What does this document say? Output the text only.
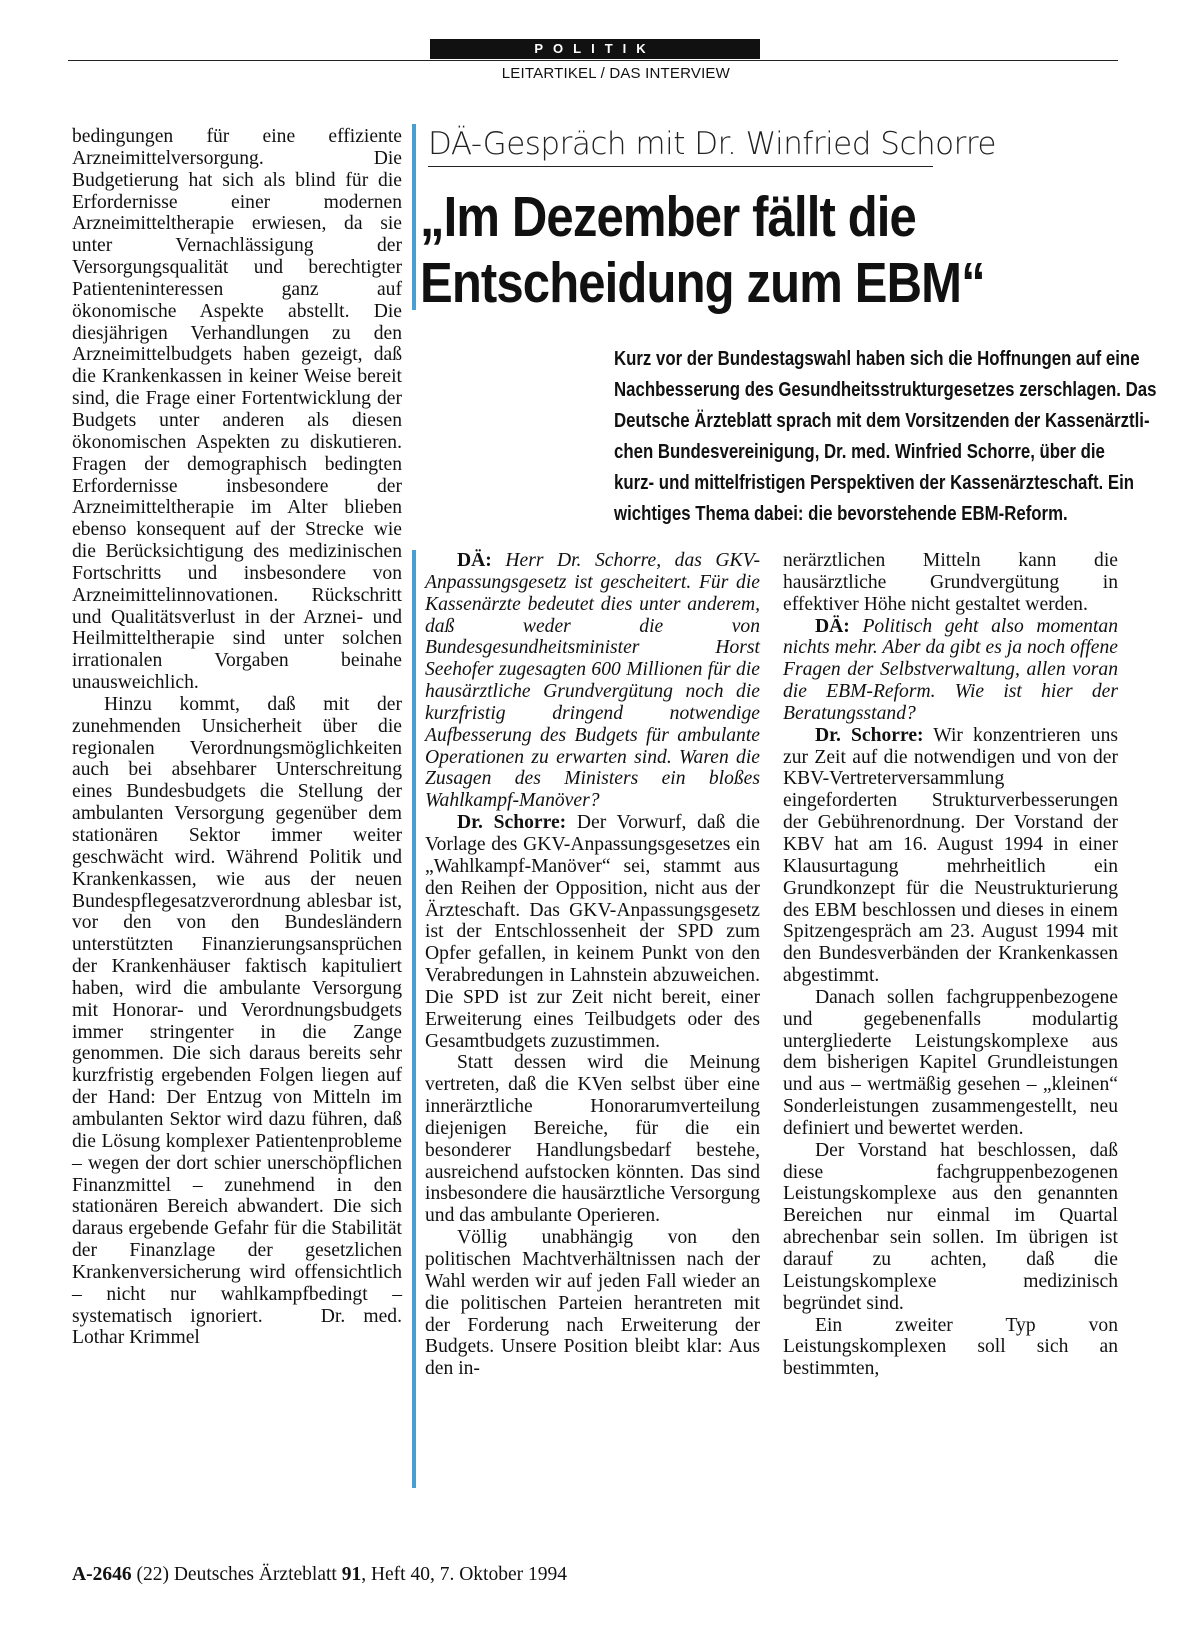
POLITIK
LEITARTIKEL / DAS INTERVIEW

bedingungen für eine effiziente Arzneimittelversorgung. Die Budgetierung hat sich als blind für die Erfordernisse einer modernen Arzneimitteltherapie erwiesen, da sie unter Vernachlässigung der Versorgungsqualität und berechtigter Patienteninteressen ganz auf ökonomische Aspekte abstellt. Die diesjährigen Verhandlungen zu den Arzneimittelbudgets haben gezeigt, daß die Krankenkassen in keiner Weise bereit sind, die Frage einer Fortentwicklung der Budgets unter anderen als diesen ökonomischen Aspekten zu diskutieren. Fragen der demographisch bedingten Erfordernisse insbesondere der Arzneimitteltherapie im Alter blieben ebenso konsequent auf der Strecke wie die Berücksichtigung des medizinischen Fortschritts und insbesondere von Arzneimittelinnovationen. Rückschritt und Qualitätsverlust in der Arznei- und Heilmitteltherapie sind unter solchen irrationalen Vorgaben beinahe unausweichlich.

Hinzu kommt, daß mit der zunehmenden Unsicherheit über die regionalen Verordnungsmöglichkeiten auch bei absehbarer Unterschreitung eines Bundesbudgets die Stellung der ambulanten Versorgung gegenüber dem stationären Sektor immer weiter geschwächt wird. Während Politik und Krankenkassen, wie aus der neuen Bundespflegesatzverordnung ablesbar ist, vor den von den Bundesländern unterstützten Finanzierungsansprüchen der Krankenhäuser faktisch kapituliert haben, wird die ambulante Versorgung mit Honorar- und Verordnungsbudgets immer stringenter in die Zange genommen. Die sich daraus bereits sehr kurzfristig ergebenden Folgen liegen auf der Hand: Der Entzug von Mitteln im ambulanten Sektor wird dazu führen, daß die Lösung komplexer Patientenprobleme – wegen der dort schier unerschöpflichen Finanzmittel – zunehmend in den stationären Bereich abwandert. Die sich daraus ergebende Gefahr für die Stabilität der Finanzlage der gesetzlichen Krankenversicherung wird offensichtlich – nicht nur wahlkampfbedingt – systematisch ignoriert.	Dr. med. Lothar Krimmel

DÄ-Gespräch mit Dr. Winfried Schorre
„Im Dezember fällt die
Entscheidung zum EBM“
Kurz vor der Bundestagswahl haben sich die Hoffnungen auf eine
Nachbesserung des Gesundheitsstrukturgesetzes zerschlagen. Das
Deutsche Ärzteblatt sprach mit dem Vorsitzenden der Kassenärztli-
chen Bundesvereinigung, Dr. med. Winfried Schorre, über die
kurz- und mittelfristigen Perspektiven der Kassenärzteschaft. Ein
wichtiges Thema dabei: die bevorstehende EBM-Reform.

DÄ: Herr Dr. Schorre, das GKV-Anpassungsgesetz ist gescheitert. Für die Kassenärzte bedeutet dies unter anderem, daß weder die von Bundesgesundheitsminister Horst Seehofer zugesagten 600 Millionen für die hausärztliche Grundvergütung noch die kurzfristig dringend notwendige Aufbesserung des Budgets für ambulante Operationen zu erwarten sind. Waren die Zusagen des Ministers ein bloßes Wahlkampf-Manöver?

Dr. Schorre: Der Vorwurf, daß die Vorlage des GKV-Anpassungsgesetzes ein „Wahlkampf-Manöver“ sei, stammt aus den Reihen der Opposition, nicht aus der Ärzteschaft. Das GKV-Anpassungsgesetz ist der Entschlossenheit der SPD zum Opfer gefallen, in keinem Punkt von den Verabredungen in Lahnstein abzuweichen. Die SPD ist zur Zeit nicht bereit, einer Erweiterung eines Teilbudgets oder des Gesamtbudgets zuzustimmen.

Statt dessen wird die Meinung vertreten, daß die KVen selbst über eine innerärztliche Honorarumverteilung diejenigen Bereiche, für die ein besonderer Handlungsbedarf bestehe, ausreichend aufstocken könnten. Das sind insbesondere die hausärztliche Versorgung und das ambulante Operieren.

Völlig unabhängig von den politischen Machtverhältnissen nach der Wahl werden wir auf jeden Fall wieder an die politischen Parteien herantreten mit der Forderung nach Erweiterung der Budgets. Unsere Position bleibt klar: Aus den in-

nerärztlichen Mitteln kann die hausärztliche Grundvergütung in effektiver Höhe nicht gestaltet werden.

DÄ: Politisch geht also momentan nichts mehr. Aber da gibt es ja noch offene Fragen der Selbstverwaltung, allen voran die EBM-Reform. Wie ist hier der Beratungsstand?

Dr. Schorre: Wir konzentrieren uns zur Zeit auf die notwendigen und von der KBV-Vertreterversammlung eingeforderten Strukturverbesserungen der Gebührenordnung. Der Vorstand der KBV hat am 16. August 1994 in einer Klausurtagung mehrheitlich ein Grundkonzept für die Neustrukturierung des EBM beschlossen und dieses in einem Spitzengespräch am 23. August 1994 mit den Bundesverbänden der Krankenkassen abgestimmt.

Danach sollen fachgruppenbezogene und gegebenenfalls modulartig untergliederte Leistungskomplexe aus dem bisherigen Kapitel Grundleistungen und aus – wertmäßig gesehen – „kleinen“ Sonderleistungen zusammengestellt, neu definiert und bewertet werden.

Der Vorstand hat beschlossen, daß diese fachgruppenbezogenen Leistungskomplexe aus den genannten Bereichen nur einmal im Quartal abrechenbar sein sollen. Im übrigen ist darauf zu achten, daß die Leistungskomplexe medizinisch begründet sind.

Ein zweiter Typ von Leistungskomplexen soll sich an bestimmten,

A-2646 (22) Deutsches Ärzteblatt 91, Heft 40, 7. Oktober 1994
